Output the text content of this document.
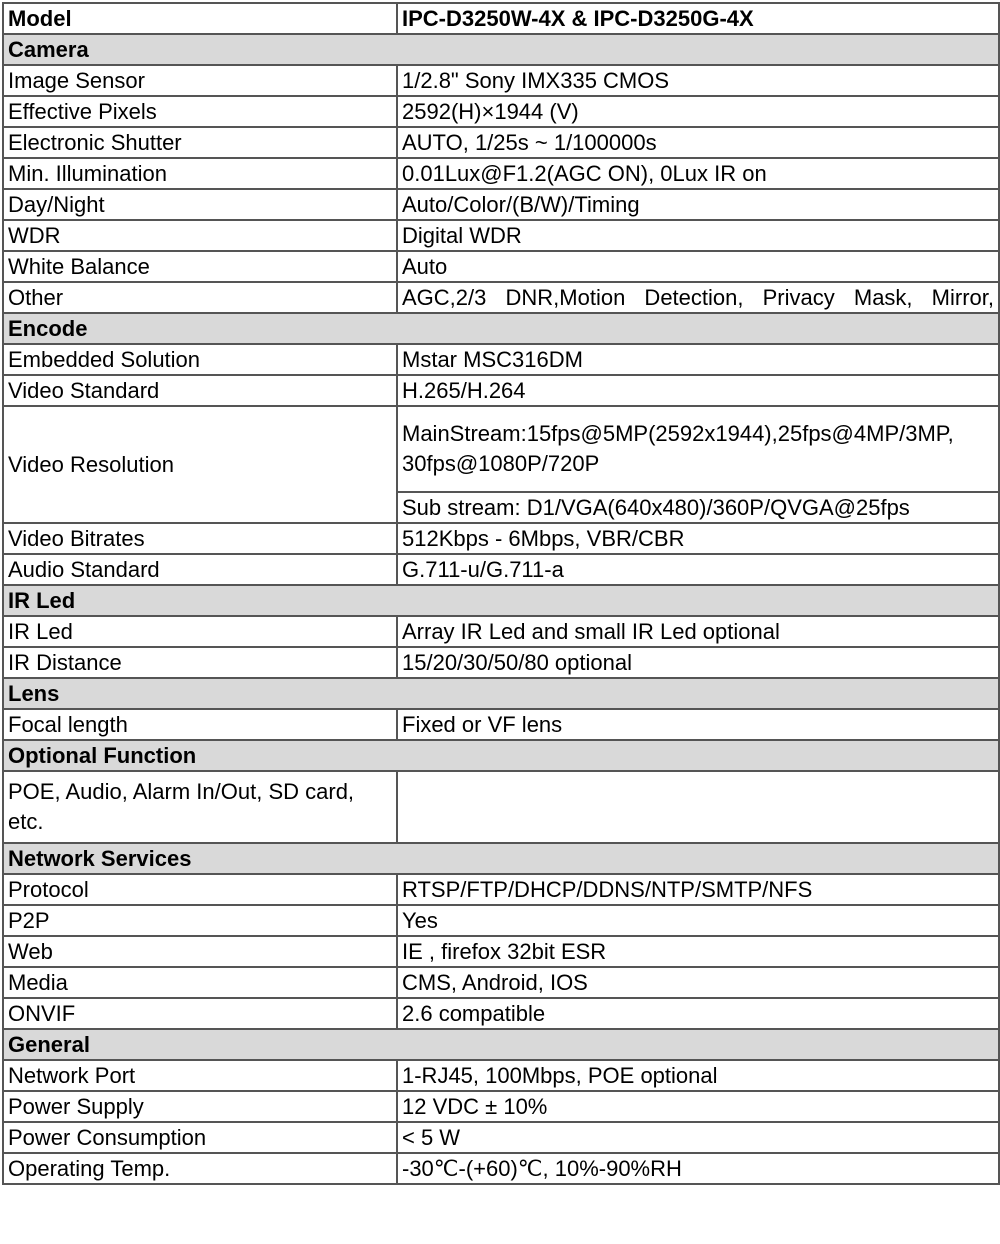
Model	IPC-D3250W-4X & IPC-D3250G-4X
Camera	
Image Sensor	1/2.8" Sony IMX335 CMOS
Effective Pixels	2592(H)×1944 (V)
Electronic Shutter	AUTO, 1/25s ~ 1/100000s
Min. Illumination	0.01Lux@F1.2(AGC ON), 0Lux IR on
Day/Night	Auto/Color/(B/W)/Timing
WDR	Digital WDR
White Balance	Auto
Other	AGC,2/3 DNR,Motion Detection, Privacy Mask, Mirror,
Encode	
Embedded Solution	Mstar MSC316DM
Video Standard	H.265/H.264
Video Resolution	MainStream:15fps@5MP(2592x1944),25fps@4MP/3MP, 30fps@1080P/720P
	Sub stream: D1/VGA(640x480)/360P/QVGA@25fps
Video Bitrates	512Kbps - 6Mbps, VBR/CBR
Audio Standard	G.711-u/G.711-a
IR Led	
IR Led	Array IR Led and small IR Led optional
IR Distance	15/20/30/50/80 optional
Lens	
Focal length	Fixed or VF lens
Optional Function	
POE, Audio, Alarm In/Out, SD card, etc.	
Network Services	
Protocol	RTSP/FTP/DHCP/DDNS/NTP/SMTP/NFS
P2P	Yes
Web	IE , firefox 32bit ESR
Media	CMS, Android, IOS
ONVIF	2.6 compatible
General	
Network Port	1-RJ45, 100Mbps, POE optional
Power Supply	12 VDC ± 10%
Power Consumption	< 5 W
Operating Temp.	-30℃-(+60)℃, 10%-90%RH
